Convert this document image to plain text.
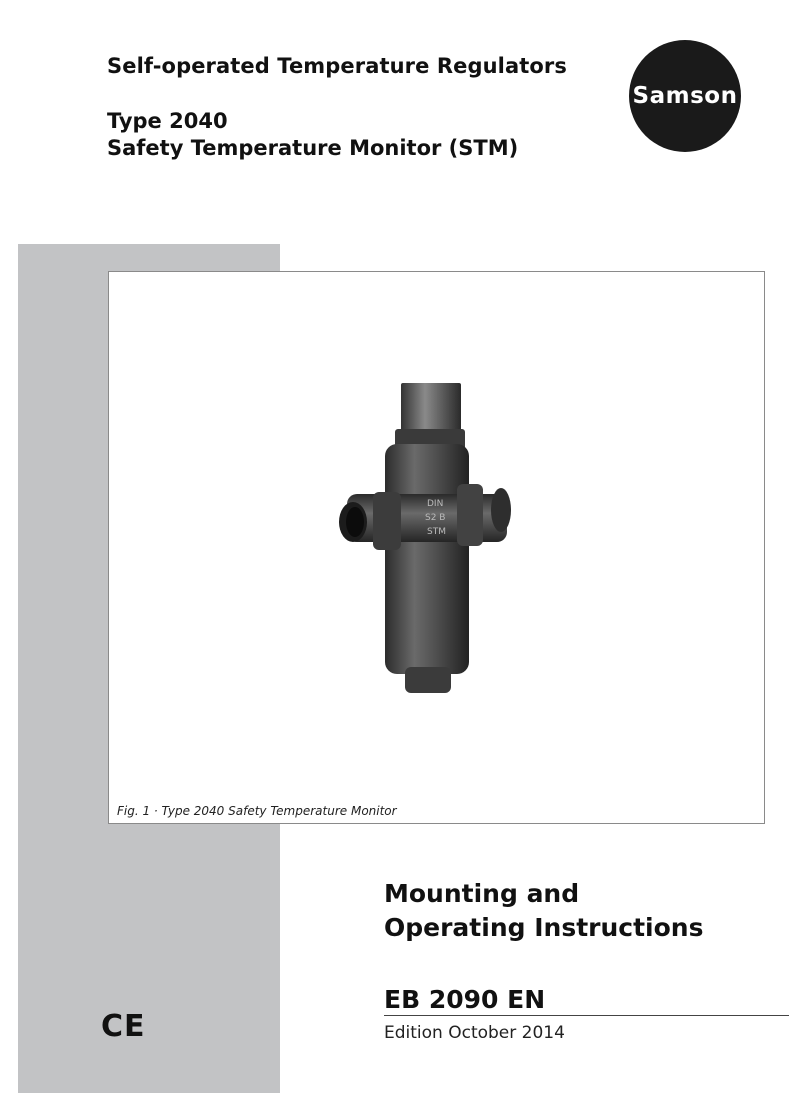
Self-operated Temperature Regulators
Type 2040
Safety Temperature Monitor (STM)
Samson
DIN
S2 B
STM
Fig. 1 · Type 2040 Safety Temperature Monitor
Mounting and
Operating Instructions
EB 2090 EN
Edition October 2014
CE
